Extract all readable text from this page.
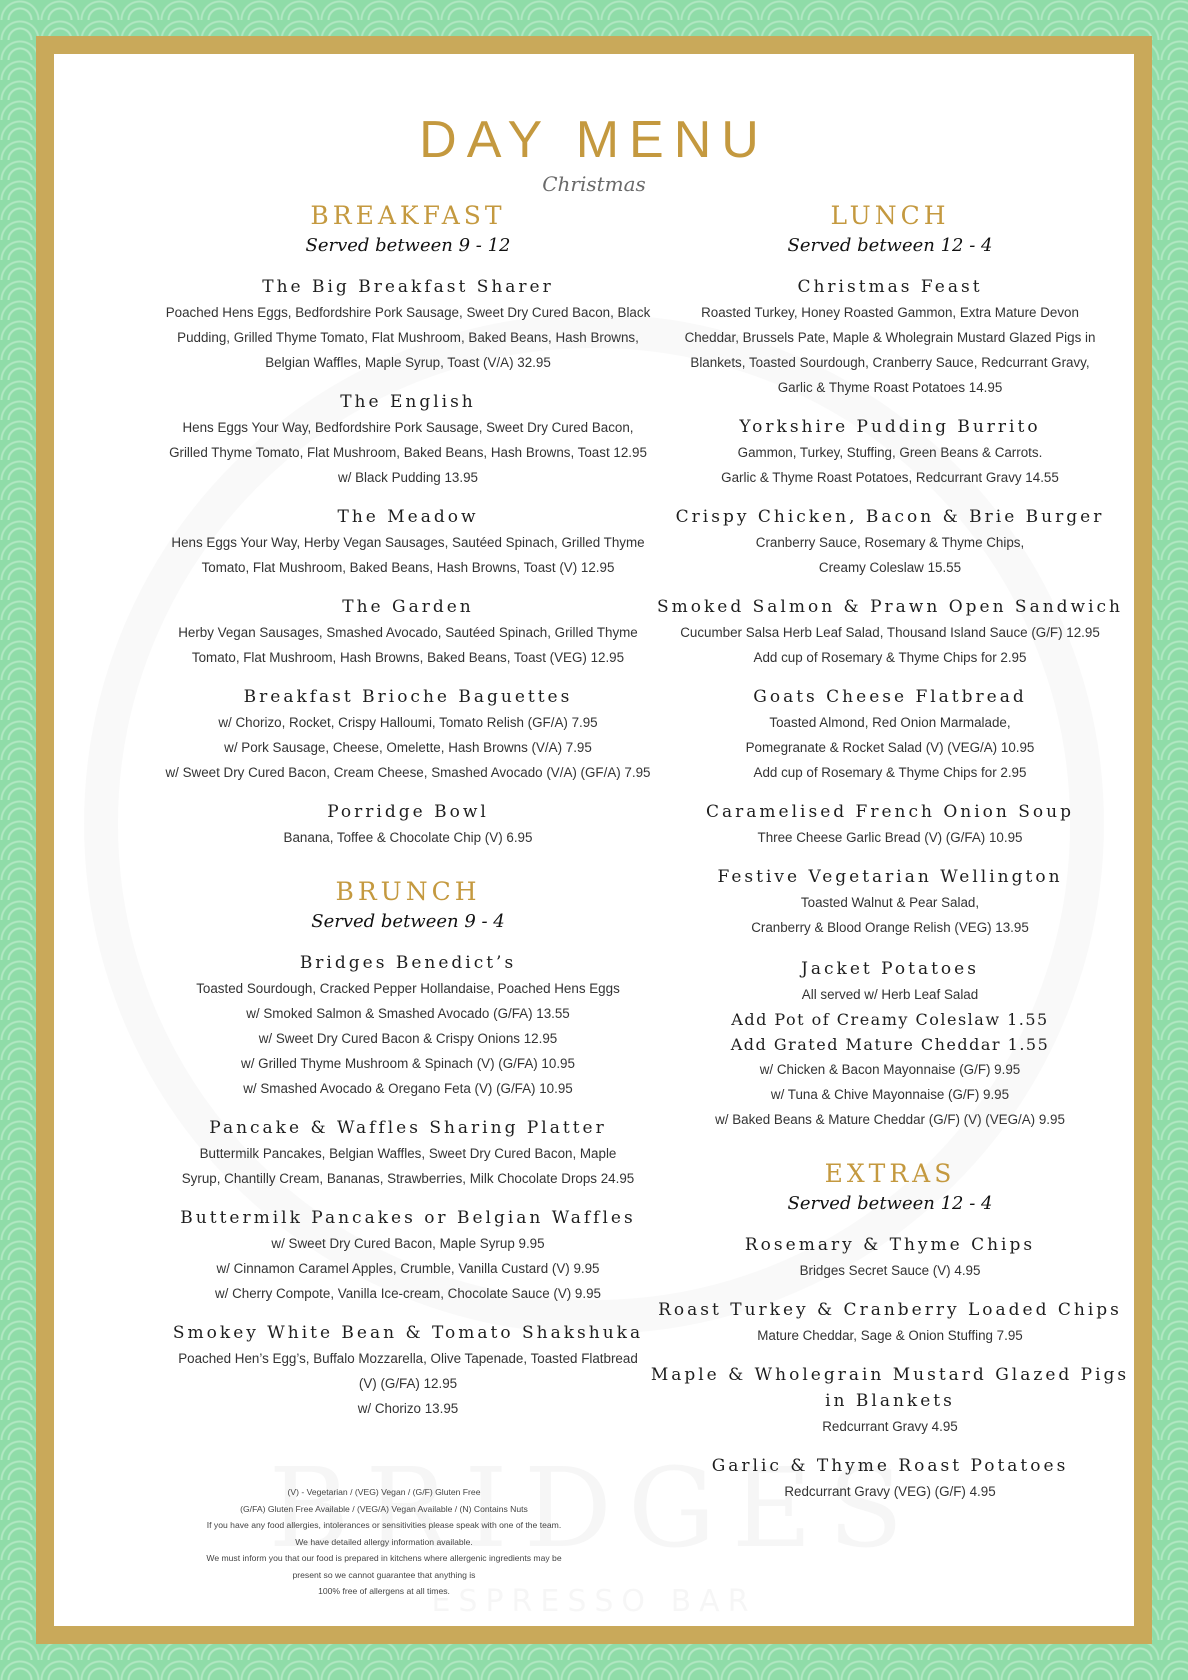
DAY MENU
Christmas
BREAKFAST
Served between 9 - 12
The Big Breakfast Sharer
Poached Hens Eggs, Bedfordshire Pork Sausage, Sweet Dry Cured Bacon, Black
Pudding, Grilled Thyme Tomato, Flat Mushroom, Baked Beans, Hash Browns,
Belgian Waffles, Maple Syrup, Toast (V/A) 32.95
The English
Hens Eggs Your Way, Bedfordshire Pork Sausage, Sweet Dry Cured Bacon,
Grilled Thyme Tomato, Flat Mushroom, Baked Beans, Hash Browns, Toast 12.95
w/ Black Pudding 13.95
The Meadow
Hens Eggs Your Way, Herby Vegan Sausages, Sautéed Spinach, Grilled Thyme
Tomato, Flat Mushroom, Baked Beans, Hash Browns, Toast (V) 12.95
The Garden
Herby Vegan Sausages, Smashed Avocado, Sautéed Spinach, Grilled Thyme
Tomato, Flat Mushroom, Hash Browns, Baked Beans, Toast (VEG) 12.95
Breakfast Brioche Baguettes
w/ Chorizo, Rocket, Crispy Halloumi, Tomato Relish (GF/A) 7.95
w/ Pork Sausage, Cheese, Omelette, Hash Browns (V/A) 7.95
w/ Sweet Dry Cured Bacon, Cream Cheese, Smashed Avocado (V/A) (GF/A) 7.95
Porridge Bowl
Banana, Toffee & Chocolate Chip (V) 6.95
BRUNCH
Served between 9 - 4
Bridges Benedict’s
Toasted Sourdough, Cracked Pepper Hollandaise, Poached Hens Eggs
w/ Smoked Salmon & Smashed Avocado (G/FA) 13.55
w/ Sweet Dry Cured Bacon & Crispy Onions 12.95
w/ Grilled Thyme Mushroom & Spinach (V) (G/FA) 10.95
w/ Smashed Avocado & Oregano Feta (V) (G/FA) 10.95
Pancake & Waffles Sharing Platter
Buttermilk Pancakes, Belgian Waffles, Sweet Dry Cured Bacon, Maple
Syrup, Chantilly Cream, Bananas, Strawberries, Milk Chocolate Drops 24.95
Buttermilk Pancakes or Belgian Waffles
w/ Sweet Dry Cured Bacon, Maple Syrup 9.95
w/ Cinnamon Caramel Apples, Crumble, Vanilla Custard (V) 9.95
w/ Cherry Compote, Vanilla Ice-cream, Chocolate Sauce (V) 9.95
Smokey White Bean & Tomato Shakshuka
Poached Hen’s Egg’s, Buffalo Mozzarella, Olive Tapenade, Toasted Flatbread
(V) (G/FA) 12.95
w/ Chorizo 13.95
(V) - Vegetarian / (VEG) Vegan / (G/F) Gluten Free
(G/FA) Gluten Free Available / (VEG/A) Vegan Available / (N) Contains Nuts
If you have any food allergies, intolerances or sensitivities please speak with one of the team.
We have detailed allergy information available.
We must inform you that our food is prepared in kitchens where allergenic ingredients may be
present so we cannot guarantee that anything is
100% free of allergens at all times.
LUNCH
Served between 12 - 4
Christmas Feast
Roasted Turkey, Honey Roasted Gammon, Extra Mature Devon
Cheddar, Brussels Pate, Maple & Wholegrain Mustard Glazed Pigs in
Blankets, Toasted Sourdough, Cranberry Sauce, Redcurrant Gravy,
Garlic & Thyme Roast Potatoes 14.95
Yorkshire Pudding Burrito
Gammon, Turkey, Stuffing, Green Beans & Carrots.
Garlic & Thyme Roast Potatoes, Redcurrant Gravy 14.55
Crispy Chicken, Bacon & Brie Burger
Cranberry Sauce, Rosemary & Thyme Chips,
Creamy Coleslaw 15.55
Smoked Salmon & Prawn Open Sandwich
Cucumber Salsa Herb Leaf Salad, Thousand Island Sauce (G/F) 12.95
Add cup of Rosemary & Thyme Chips for 2.95
Goats Cheese Flatbread
Toasted Almond, Red Onion Marmalade,
Pomegranate & Rocket Salad (V) (VEG/A) 10.95
Add cup of Rosemary & Thyme Chips for 2.95
Caramelised French Onion Soup
Three Cheese Garlic Bread (V) (G/FA) 10.95
Festive Vegetarian Wellington
Toasted Walnut & Pear Salad,
Cranberry & Blood Orange Relish (VEG) 13.95
Jacket Potatoes
All served w/ Herb Leaf Salad
Add Pot of Creamy Coleslaw 1.55
Add Grated Mature Cheddar 1.55
w/ Chicken & Bacon Mayonnaise (G/F) 9.95
w/ Tuna & Chive Mayonnaise (G/F) 9.95
w/ Baked Beans & Mature Cheddar (G/F) (V) (VEG/A) 9.95
EXTRAS
Served between 12 - 4
Rosemary & Thyme Chips
Bridges Secret Sauce (V) 4.95
Roast Turkey & Cranberry Loaded Chips
Mature Cheddar, Sage & Onion Stuffing 7.95
Maple & Wholegrain Mustard Glazed Pigs in Blankets
Redcurrant Gravy 4.95
Garlic & Thyme Roast Potatoes
Redcurrant Gravy (VEG) (G/F) 4.95
